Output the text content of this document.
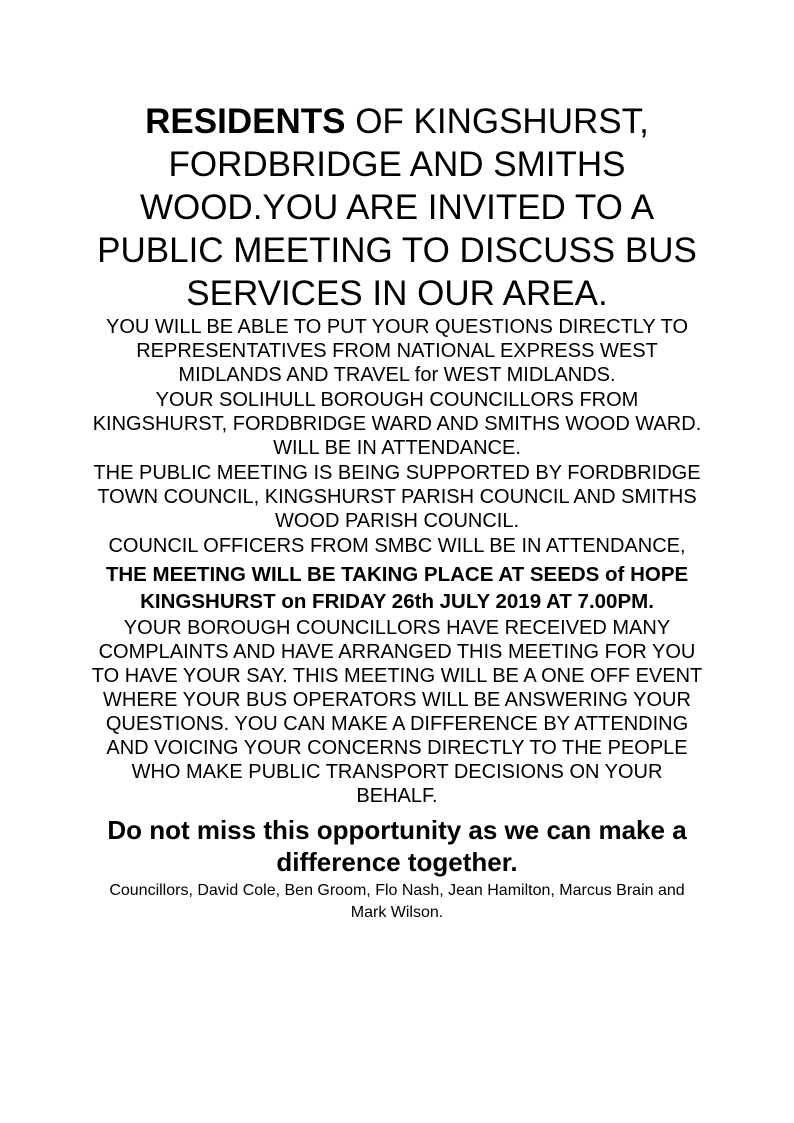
RESIDENTS OF KINGSHURST, FORDBRIDGE AND SMITHS WOOD.YOU ARE INVITED TO A PUBLIC MEETING TO DISCUSS BUS SERVICES IN OUR AREA.

YOU WILL BE ABLE TO PUT YOUR QUESTIONS DIRECTLY TO REPRESENTATIVES FROM NATIONAL EXPRESS WEST MIDLANDS AND TRAVEL for WEST MIDLANDS.

YOUR SOLIHULL BOROUGH COUNCILLORS FROM KINGSHURST, FORDBRIDGE WARD AND SMITHS WOOD WARD. WILL BE IN ATTENDANCE.

THE PUBLIC MEETING IS BEING SUPPORTED BY FORDBRIDGE TOWN COUNCIL, KINGSHURST PARISH COUNCIL AND SMITHS WOOD PARISH COUNCIL.

COUNCIL OFFICERS FROM SMBC WILL BE IN ATTENDANCE,

THE MEETING WILL BE TAKING PLACE AT SEEDS of HOPE KINGSHURST on FRIDAY 26th JULY 2019 AT 7.00PM.

YOUR BOROUGH COUNCILLORS HAVE RECEIVED MANY COMPLAINTS AND HAVE ARRANGED THIS MEETING FOR YOU TO HAVE YOUR SAY. THIS MEETING WILL BE A ONE OFF EVENT WHERE YOUR BUS OPERATORS WILL BE ANSWERING YOUR QUESTIONS. YOU CAN MAKE A DIFFERENCE BY ATTENDING AND VOICING YOUR CONCERNS DIRECTLY TO THE PEOPLE WHO MAKE PUBLIC TRANSPORT DECISIONS ON YOUR BEHALF.

Do not miss this opportunity as we can make a difference together.

Councillors, David Cole, Ben Groom, Flo Nash, Jean Hamilton, Marcus Brain and Mark Wilson.
